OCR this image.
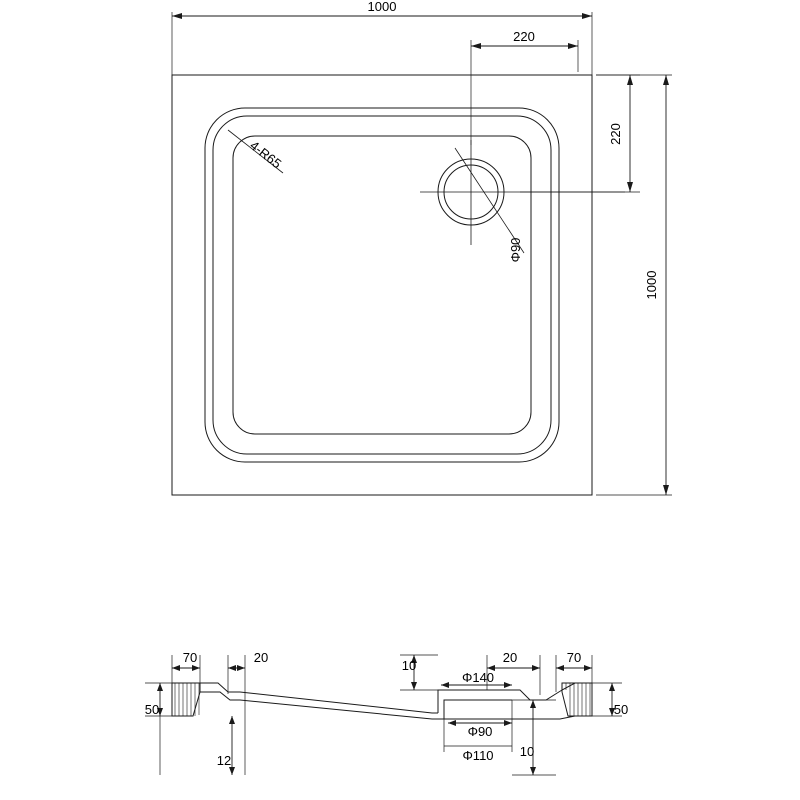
1000
220
220
1000
4-R65
Φ90
70	20
10
20	70
Φ140
Φ90
Φ110
50	50
12
10
